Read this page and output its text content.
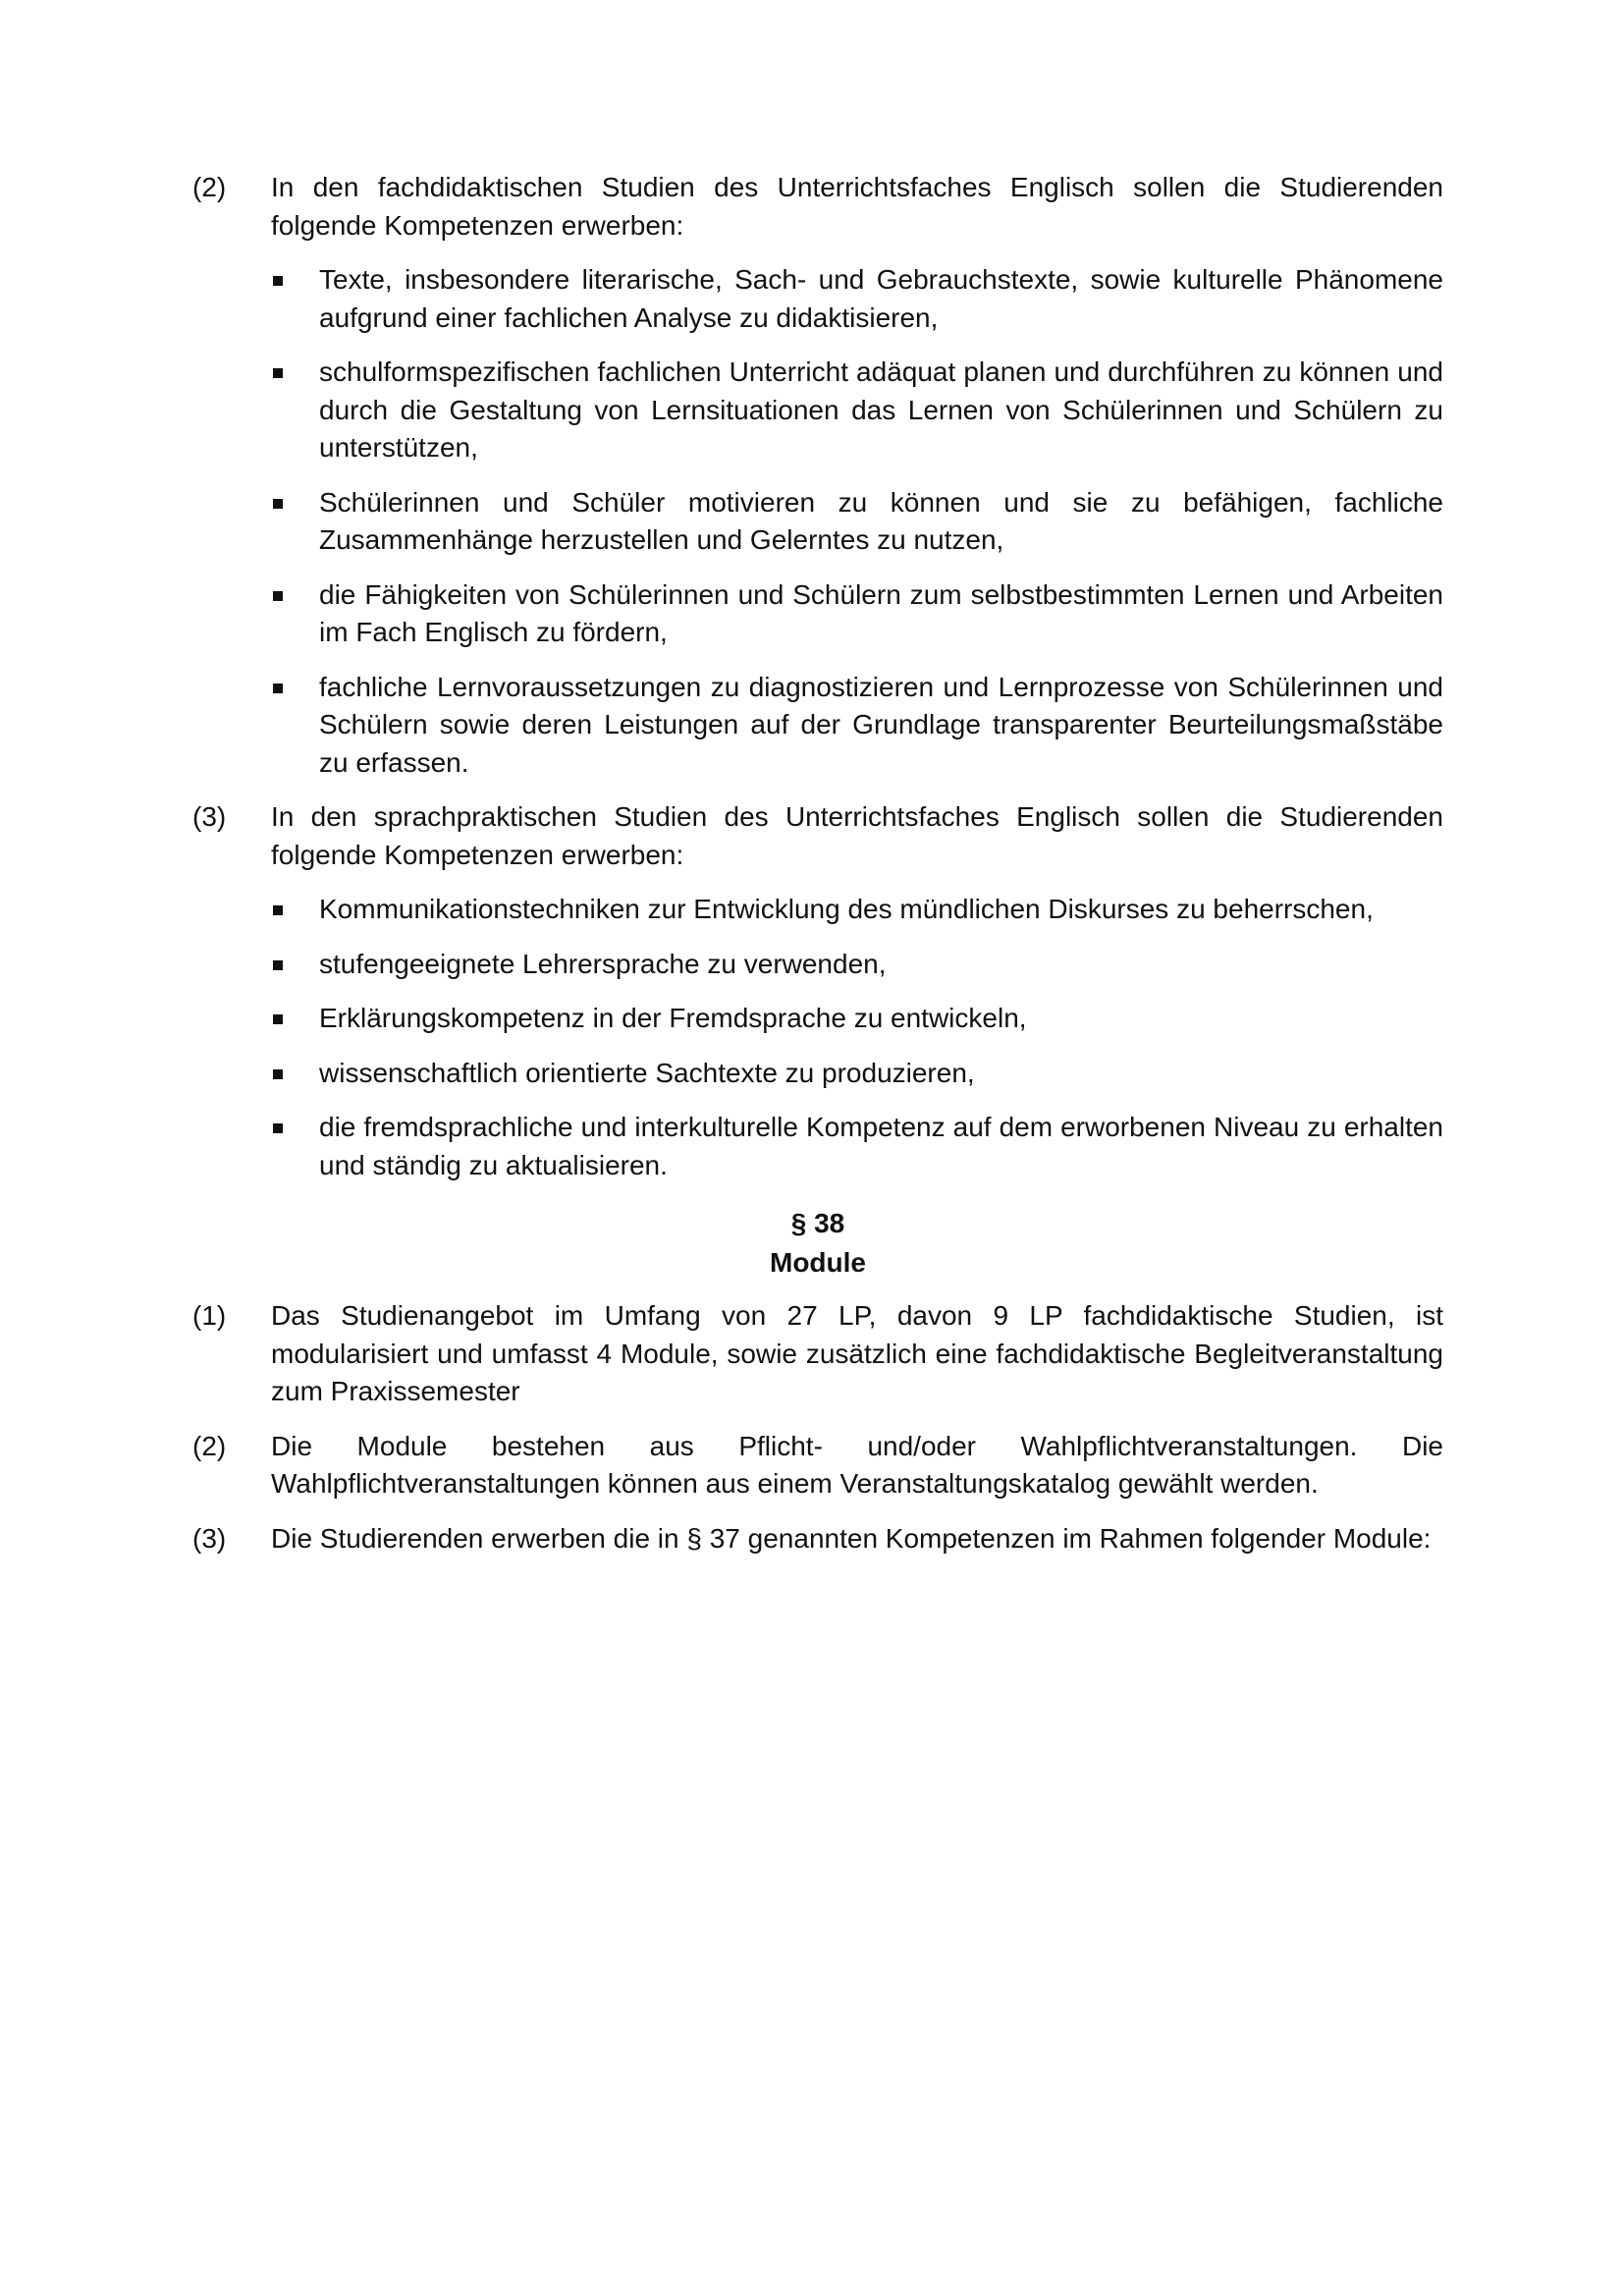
(2) In den fachdidaktischen Studien des Unterrichtsfaches Englisch sollen die Studierenden folgende Kompetenzen erwerben:

Texte, insbesondere literarische, Sach- und Gebrauchstexte, sowie kulturelle Phänomene aufgrund einer fachlichen Analyse zu didaktisieren,
schulformspezifischen fachlichen Unterricht adäquat planen und durchführen zu können und durch die Gestaltung von Lernsituationen das Lernen von Schülerinnen und Schülern zu unterstützen,
Schülerinnen und Schüler motivieren zu können und sie zu befähigen, fachliche Zusammenhänge herzustellen und Gelerntes zu nutzen,
die Fähigkeiten von Schülerinnen und Schülern zum selbstbestimmten Lernen und Arbeiten im Fach Englisch zu fördern,
fachliche Lernvoraussetzungen zu diagnostizieren und Lernprozesse von Schülerinnen und Schülern sowie deren Leistungen auf der Grundlage transparenter Beurteilungsmaßstäbe zu erfassen.
(3) In den sprachpraktischen Studien des Unterrichtsfaches Englisch sollen die Studierenden folgende Kompetenzen erwerben:

Kommunikationstechniken zur Entwicklung des mündlichen Diskurses zu beherrschen,
stufengeeignete Lehrersprache zu verwenden,
Erklärungskompetenz in der Fremdsprache zu entwickeln,
wissenschaftlich orientierte Sachtexte zu produzieren,
die fremdsprachliche und interkulturelle Kompetenz auf dem erworbenen Niveau zu erhalten und ständig zu aktualisieren.
§ 38
Module
(1) Das Studienangebot im Umfang von 27 LP, davon 9 LP fachdidaktische Studien, ist modularisiert und umfasst 4 Module, sowie zusätzlich eine fachdidaktische Begleitveranstaltung zum Praxissemester

(2) Die Module bestehen aus Pflicht- und/oder Wahlpflichtveranstaltungen. Die Wahlpflichtveranstaltungen können aus einem Veranstaltungskatalog gewählt werden.

(3) Die Studierenden erwerben die in § 37 genannten Kompetenzen im Rahmen folgender Module:
